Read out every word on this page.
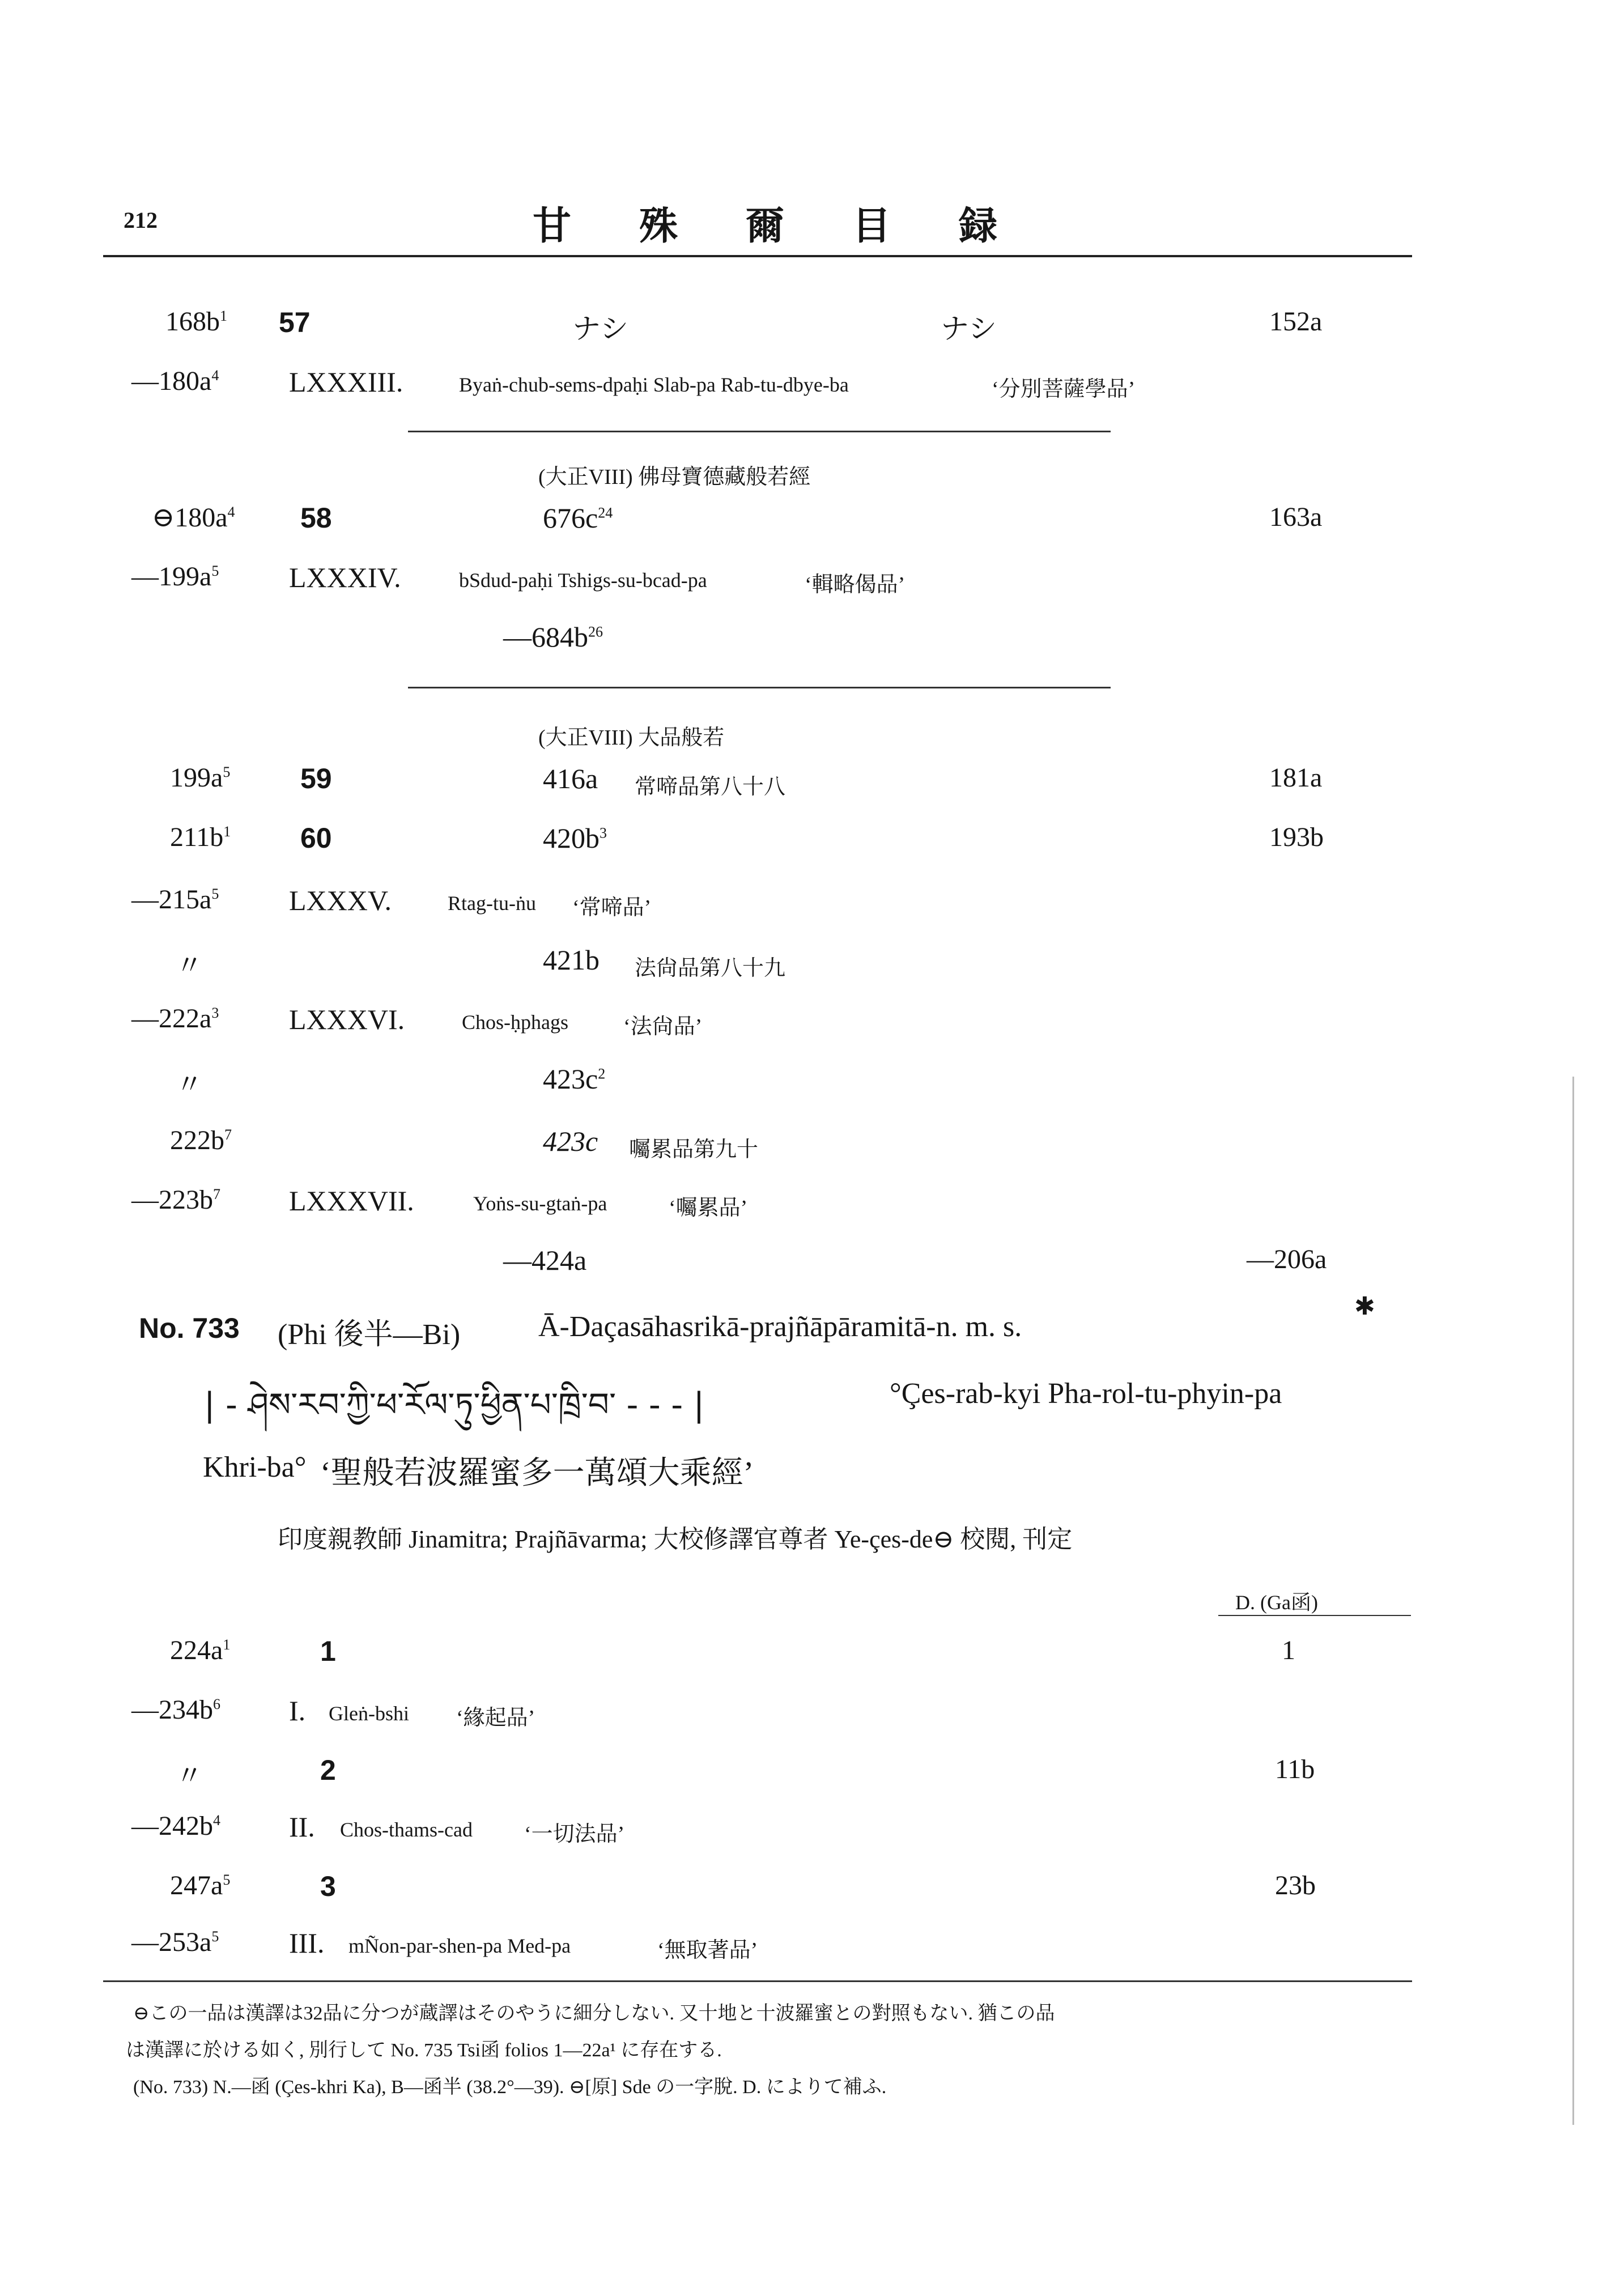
212	甘殊爾目録
$168b^1$ 57	ナシ	ナシ	152a
$—180a^4$ LXXXIII.	Byaṅ-chub-sems-dpaḥi Slab-pa Rab-tu-dbye-ba	‘分別菩薩學品’
(大正VIII) 佛母寶德藏般若經
$⊖180a^4$ 58	$676c^{24}$	163a
$—199a^5$ LXXXIV.	bSdud-paḥi Tshigs-su-bcad-pa	‘輯略偈品’
$—684b^{26}$
(大正VIII) 大品般若
$199a^5$ 59	416a 常啼品第八十八	181a
$211b^1$ 60	$420b^3$	193b
$—215a^5$ LXXXV.	Rtag-tu-ṅu ‘常啼品’
〃	421b 法尙品第八十九
$—222a^3$ LXXXVI.	Chos-ḥphags	‘法尙品’
〃	$423c^2$
$222b^7$	423c 囑累品第九十
$—223b^7$ LXXXVII.	Yoṅs-su-gtaṅ-pa	‘囑累品’
—424a	—206a
No. 733 (Phi 後半—Bi)	Ā-Daçasāhasrikā-prajñāpāramitā-n. m. s.
✱
| - ཤེས་རབ་ཀྱི་ཕ་རོལ་ཏུ་ཕྱིན་པ་ཁྲི་བ་ - - - |	°Çes-rab-kyi Pha-rol-tu-phyin-pa
Khri-ba° ‘聖般若波羅蜜多一萬頌大乘經’
印度親教師 Jinamitra; Prajñāvarma; 大校修譯官尊者 Ye-çes-de⊖ 校閱, 刊定
D. (Ga函)
$224a^1$	1	1
$—234b^6$ I. Gleṅ-bshi ‘緣起品’
〃	2	11b
$—242b^4$ II. Chos-thams-cad ‘一切法品’
$247a^5$	3	23b
$—253a^5$ III. mÑon-par-shen-pa Med-pa	‘無取著品’
⊖この一品は漢譯は32品に分つが蔵譯はそのやうに細分しない. 又十地と十波羅蜜との對照もない. 猶この品
は漢譯に於ける如く, 別行して No. 735 Tsi函 folios 1—22a¹ に存在する.
(No. 733) N.—函 (Çes-khri Ka), B—函半 (38.2°—39). ⊖[原] Sde の一字脫. D. によりて補ふ.
